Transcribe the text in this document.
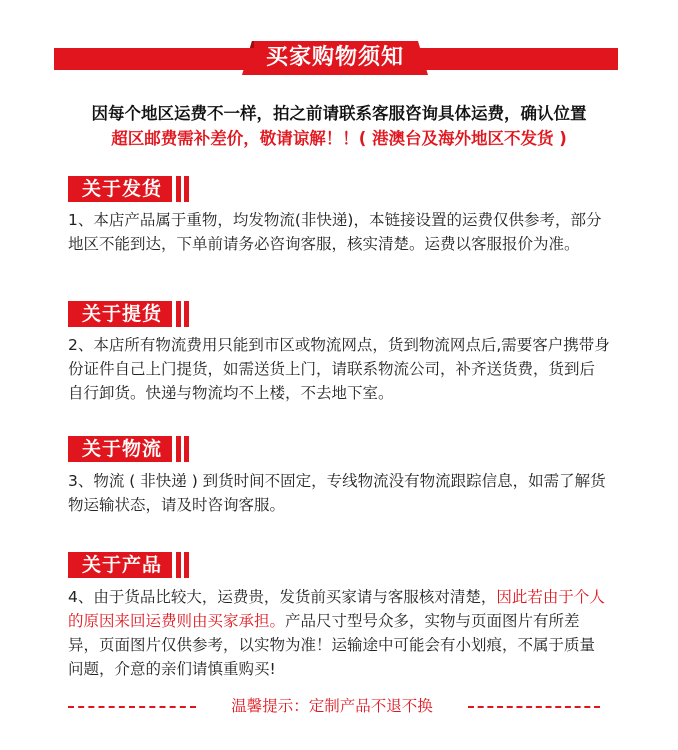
买家购物须知
因每个地区运费不一样，拍之前请联系客服咨询具体运费，确认位置
超区邮费需补差价，敬请谅解！！( 港澳台及海外地区不发货 )
关于发货
1、本店产品属于重物，均发物流(非快递)，本链接设置的运费仅供参考，部分地区不能到达，下单前请务必咨询客服，核实清楚。运费以客服报价为准。
关于提货
2、本店所有物流费用只能到市区或物流网点，货到物流网点后,需要客户携带身份证件自己上门提货，如需送货上门，请联系物流公司，补齐送货费，货到后自行卸货。快递与物流均不上楼，不去地下室。
关于物流
3、物流 ( 非快递 ) 到货时间不固定，专线物流没有物流跟踪信息，如需了解货物运输状态，请及时咨询客服。
关于产品
4、由于货品比较大，运费贵，发货前买家请与客服核对清楚，因此若由于个人的原因来回运费则由买家承担。产品尺寸型号众多，实物与页面图片有所差异，页面图片仅供参考，以实物为准！运输途中可能会有小划痕，不属于质量问题，介意的亲们请慎重购买!
温馨提示：定制产品不退不换
